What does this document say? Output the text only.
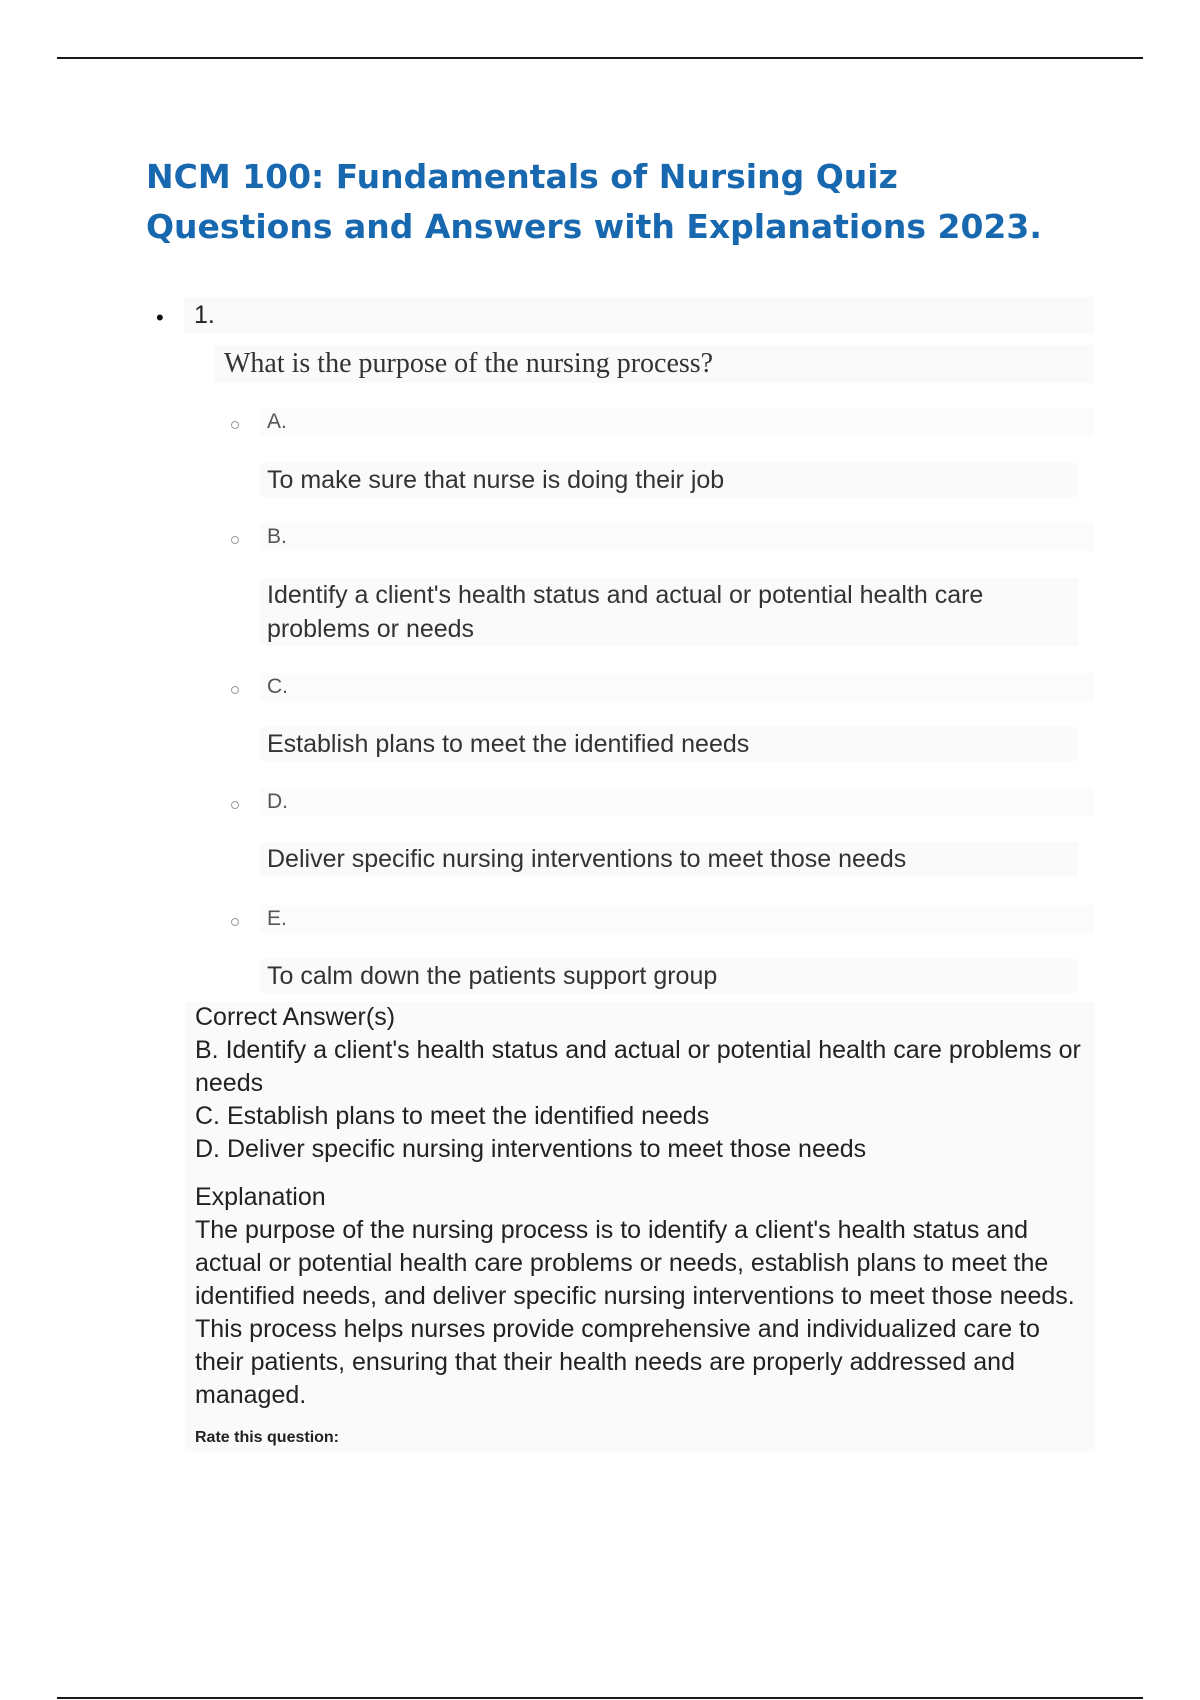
NCM 100: Fundamentals of Nursing Quiz Questions and Answers with Explanations 2023.
•	1.
What is the purpose of the nursing process?
A.
To make sure that nurse is doing their job
B.
Identify a client's health status and actual or potential health care problems or needs
C.
Establish plans to meet the identified needs
D.
Deliver specific nursing interventions to meet those needs
E.
To calm down the patients support group

Correct Answer(s)

B. Identify a client's health status and actual or potential health care problems or needs

C. Establish plans to meet the identified needs

D. Deliver specific nursing interventions to meet those needs

Explanation

The purpose of the nursing process is to identify a client's health status and actual or potential health care problems or needs, establish plans to meet the identified needs, and deliver specific nursing interventions to meet those needs. This process helps nurses provide comprehensive and individualized care to their patients, ensuring that their health needs are properly addressed and managed.

Rate this question:
